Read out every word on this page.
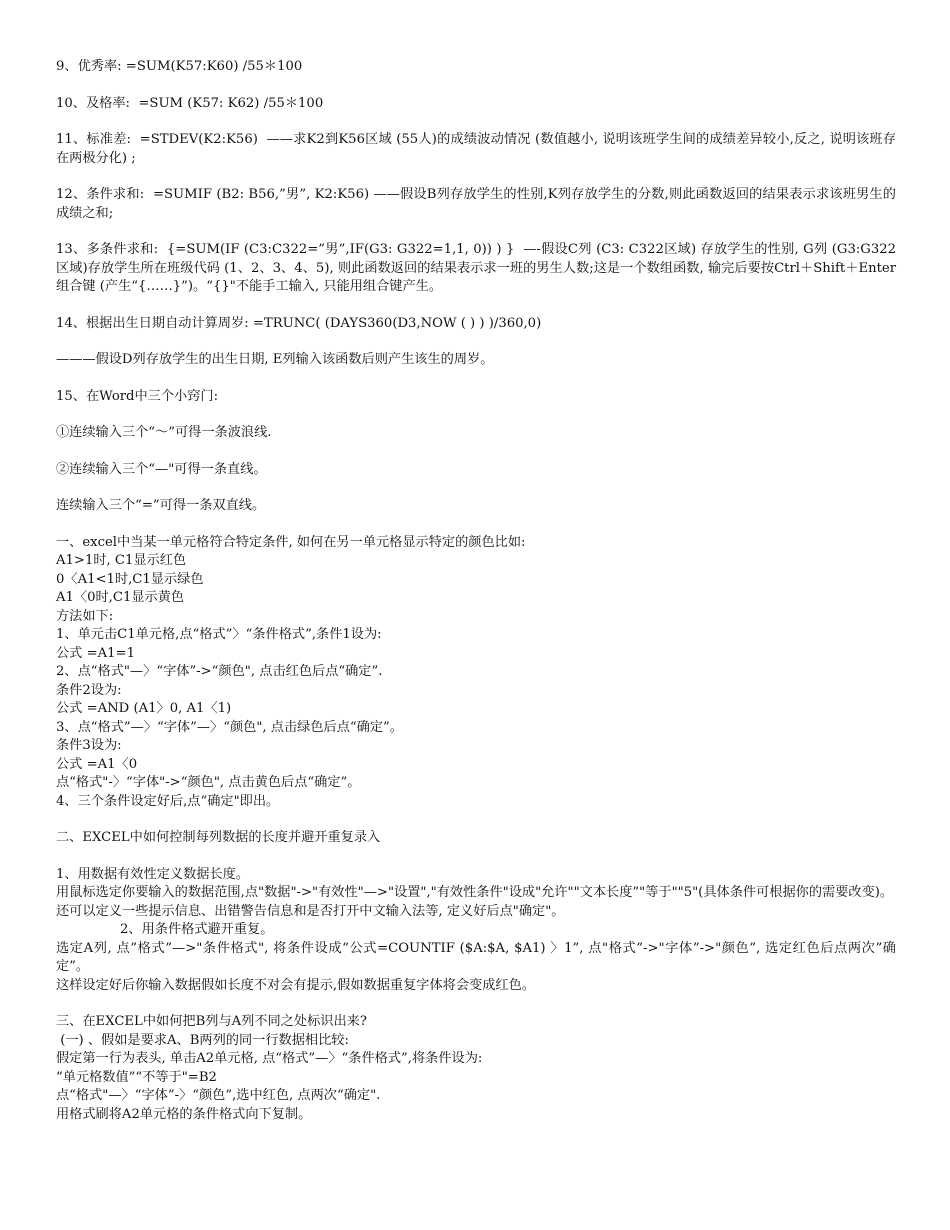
9、优秀率: =SUM(K57:K60) /55＊100

10、及格率:  =SUM (K57: K62) /55＊100

11、标准差:  =STDEV(K2:K56)  ——求K2到K56区域 (55人)的成绩波动情况 (数值越小, 说明该班学生间的成绩差异较小,反之, 说明该班存在两极分化) ;

12、条件求和:  =SUMIF (B2: B56,”男”, K2:K56) ——假设B列存放学生的性别,K列存放学生的分数,则此函数返回的结果表示求该班男生的成绩之和;

13、多条件求和:  {=SUM(IF (C3:C322=”男”,IF(G3: G322=1,1, 0)) ) }  —-假设C列 (C3: C322区域) 存放学生的性别, G列 (G3:G322区域)存放学生所在班级代码 (1、2、3、4、5), 则此函数返回的结果表示求一班的男生人数;这是一个数组函数, 输完后要按Ctrl＋Shift＋Enter组合键 (产生“{……}”)。“{}"不能手工输入, 只能用组合键产生。

14、根据出生日期自动计算周岁: =TRUNC( (DAYS360(D3,NOW ( ) ) )/360,0)

———假设D列存放学生的出生日期, E列输入该函数后则产生该生的周岁。

15、在Word中三个小窍门:

①连续输入三个“～”可得一条波浪线.

②连续输入三个“—"可得一条直线。

连续输入三个“=”可得一条双直线。

一、excel中当某一单元格符合特定条件, 如何在另一单元格显示特定的颜色比如:

A1>1时, C1显示红色

0〈A1<1时,C1显示绿色

A1〈0时,C1显示黄色

方法如下:

1、单元击C1单元格,点“格式”〉“条件格式”,条件1设为:

公式 =A1=1

2、点“格式"—〉“字体”->“颜色", 点击红色后点“确定”.

条件2设为:

公式 =AND (A1〉0, A1〈1)

3、点“格式”—〉“字体”—〉“颜色", 点击绿色后点“确定”。

条件3设为:

公式 =A1〈0

点“格式"-〉“字体"->“颜色", 点击黄色后点“确定”。

4、三个条件设定好后,点“确定"即出。

二、EXCEL中如何控制每列数据的长度并避开重复录入

1、用数据有效性定义数据长度。

用鼠标选定你要输入的数据范围,点"数据"->"有效性"—>"设置","有效性条件"设成"允许""文本长度”"等于""5"(具体条件可根据你的需要改变)。

还可以定义一些提示信息、出错警告信息和是否打开中文输入法等, 定义好后点"确定"。

2、用条件格式避开重复。

选定A列, 点”格式”—>"条件格式", 将条件设成“公式=COUNTIF ($A:$A, $A1) 〉1”, 点"格式”->"字体”->"颜色”, 选定红色后点两次”确定”。

这样设定好后你输入数据假如长度不对会有提示,假如数据重复字体将会变成红色。

三、在EXCEL中如何把B列与A列不同之处标识出来?

(一) 、假如是要求A、B两列的同一行数据相比较:

假定第一行为表头, 单击A2单元格, 点“格式”—〉“条件格式”,将条件设为:

“单元格数值”“不等于"=B2

点“格式"—〉“字体”-〉“颜色”,选中红色, 点两次“确定".

用格式刷将A2单元格的条件格式向下复制。
